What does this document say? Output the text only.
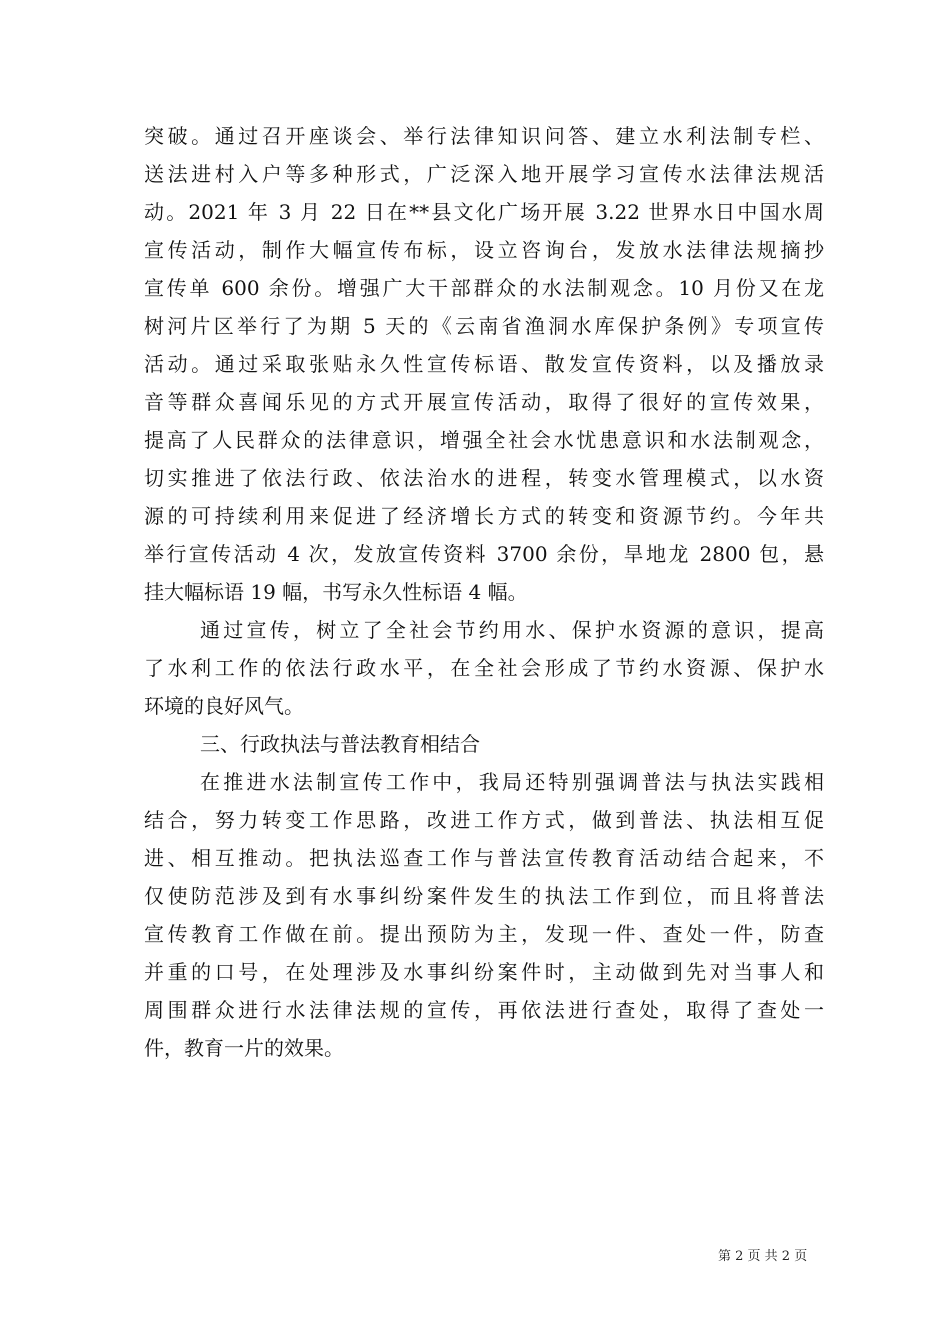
突破。通过召开座谈会、举行法律知识问答、建立水利法制专栏、
送法进村入户等多种形式，广泛深入地开展学习宣传水法律法规活
动。2021 年 3 月 22 日在**县文化广场开展 3.22 世界水日中国水周
宣传活动，制作大幅宣传布标，设立咨询台，发放水法律法规摘抄
宣传单 600 余份。增强广大干部群众的水法制观念。10 月份又在龙
树河片区举行了为期 5 天的《云南省渔洞水库保护条例》专项宣传
活动。通过采取张贴永久性宣传标语、散发宣传资料，以及播放录
音等群众喜闻乐见的方式开展宣传活动，取得了很好的宣传效果，
提高了人民群众的法律意识，增强全社会水忧患意识和水法制观念，
切实推进了依法行政、依法治水的进程，转变水管理模式，以水资
源的可持续利用来促进了经济增长方式的转变和资源节约。今年共
举行宣传活动 4 次，发放宣传资料 3700 余份，旱地龙 2800 包，悬
挂大幅标语 19 幅，书写永久性标语 4 幅。
通过宣传，树立了全社会节约用水、保护水资源的意识，提高
了水利工作的依法行政水平，在全社会形成了节约水资源、保护水
环境的良好风气。
三、行政执法与普法教育相结合
在推进水法制宣传工作中，我局还特别强调普法与执法实践相
结合，努力转变工作思路，改进工作方式，做到普法、执法相互促
进、相互推动。把执法巡查工作与普法宣传教育活动结合起来，不
仅使防范涉及到有水事纠纷案件发生的执法工作到位，而且将普法
宣传教育工作做在前。提出预防为主，发现一件、查处一件，防查
并重的口号，在处理涉及水事纠纷案件时，主动做到先对当事人和
周围群众进行水法律法规的宣传，再依法进行查处，取得了查处一
件，教育一片的效果。
第 2 页 共 2 页
